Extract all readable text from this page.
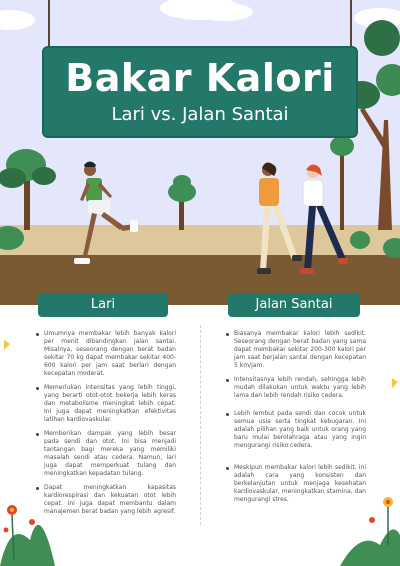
Bakar Kalori
Lari vs. Jalan Santai
Lari	Jalan Santai
Umumnya membakar lebih banyak kalori per menit dibandingkan jalan santai. Misalnya, seseorang dengan berat badan sekitar 70 kg dapat membakar sekitar 400-600 kalori per jam saat berlari dengan kecepatan moderat.
Memerlukan intensitas yang lebih tinggi, yang berarti otot-otot bekerja lebih keras dan metabolisme meningkat lebih cepat. Ini juga dapat meningkatkan efektivitas latihan kardiovaskular.
Memberikan dampak yang lebih besar pada sendi dan otot. Ini bisa menjadi tantangan bagi mereka yang memiliki masalah sendi atau cedera. Namun, lari juga dapat memperkuat tulang dan meningkatkan kepadatan tulang.
Dapat meningkatkan kapasitas kardiorespirasi dan kekuatan otot lebih cepat. Ini juga dapat membantu dalam manajemen berat badan yang lebih agresif.
Biasanya membakar kalori lebih sedikit. Seseorang dengan berat badan yang sama dapat membakar sekitar 200-300 kalori per jam saat berjalan santai dengan kecepatan 5 km/jam.
Intensitasnya lebih rendah, sehingga lebih mudah dilakukan untuk waktu yang lebih lama dan lebih rendah risiko cedera.
Lebih lembut pada sendi dan cocok untuk semua usia serta tingkat kebugaran. Ini adalah pilihan yang baik untuk orang yang baru mulai berolahraga atau yang ingin mengurangi risiko cedera.
Meskipun membakar kalori lebih sedikit, ini adalah cara yang konsisten dan berkelanjutan untuk menjaga kesehatan kardiovaskular, meningkatkan stamina, dan mengurangi stres.
